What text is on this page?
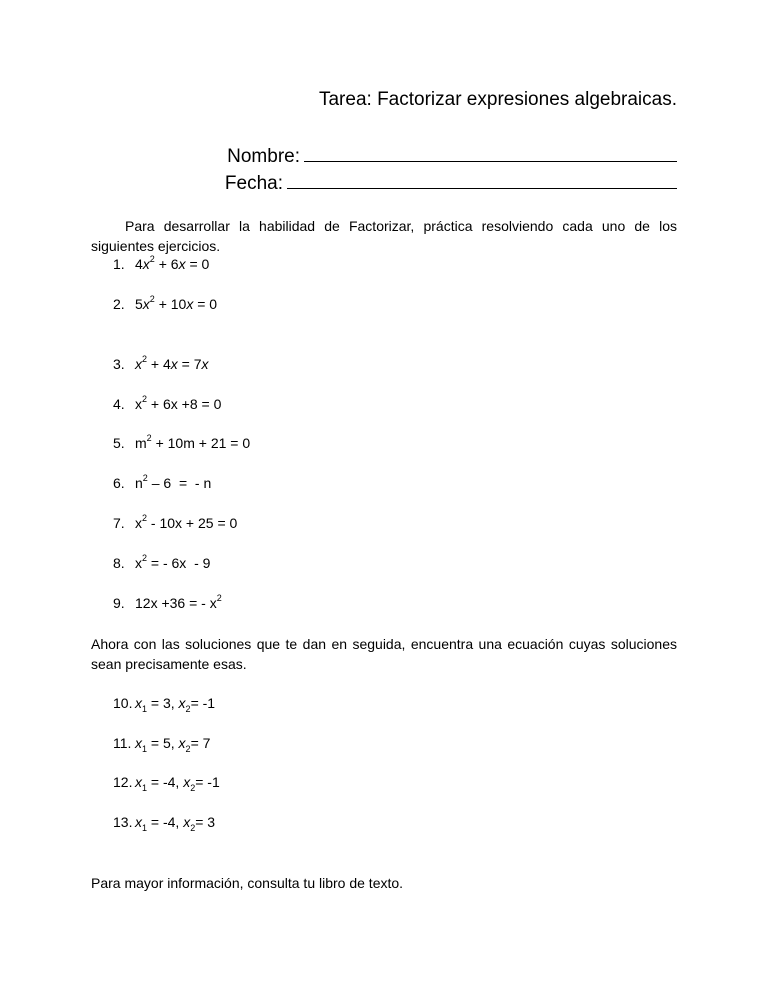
Tarea: Factorizar expresiones algebraicas.
Nombre:
Fecha:
Para desarrollar la habilidad de Factorizar, práctica resolviendo cada uno de los siguientes ejercicios.
1. $4x^2 + 6x = 0$
2. $5x^2 + 10x = 0$
3. $x^2 + 4x = 7x$
4. $x^2 + 6x +8 = 0$
5. $m^2 + 10m + 21 = 0$
6. $n^2 - 6$  =  - n
7. $x^2 - 10x + 25 = 0$
8. $x^2$ = - 6x  - 9
9. 12x +36 = - $x^2$
Ahora con las soluciones que te dan en seguida, encuentra una ecuación cuyas soluciones sean precisamente esas.
10. $x_1 = 3$, $x_2= -1$
11. $x_1 = 5$, $x_2= 7$
12. $x_1 = -4$, $x_2= -1$
13. $x_1 = -4$, $x_2= 3$
Para mayor información, consulta tu libro de texto.
